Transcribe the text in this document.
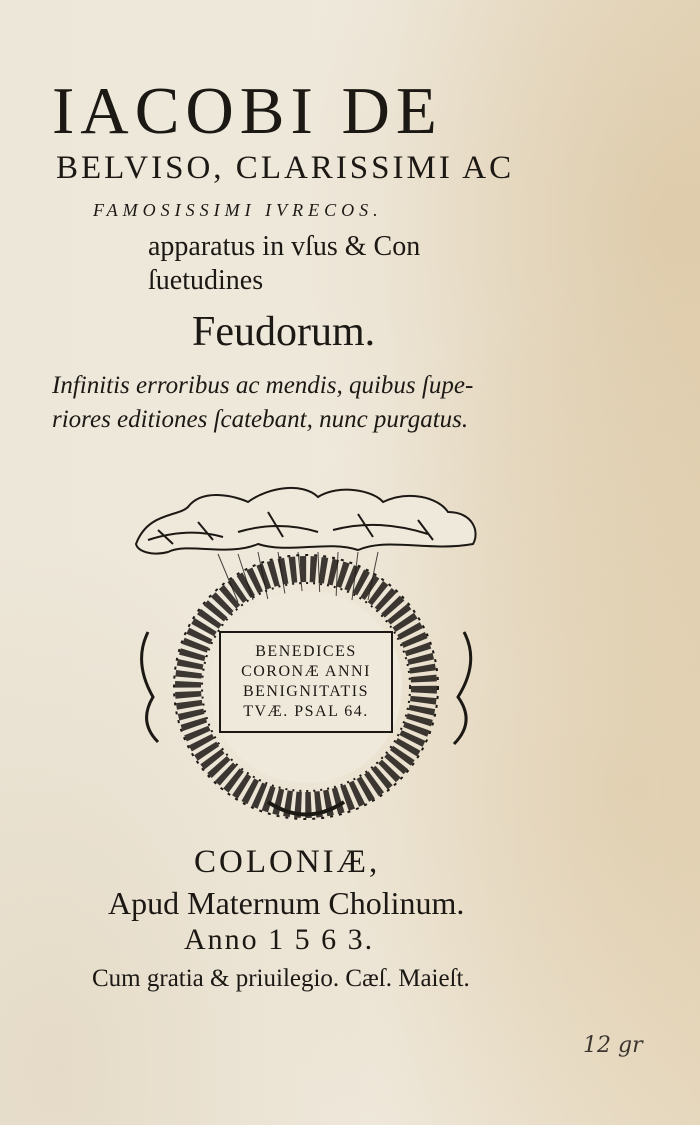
IACOBI DE
BELVISO, CLARISSIMI AC
FAMOSISSIMI IVRECOS.
apparatus in vſus & Con
ſuetudines
Feudorum.
Infinitis erroribus ac mendis, quibus ſupe-
riores editiones ſcatebant, nunc purgatus.
BENEDICES
CORONÆ ANNI
BENIGNITATIS
TVÆ. PSAL 64.
COLONIÆ,
Apud Maternum Cholinum.
Anno 1 5 6 3.
Cum gratia & priuilegio. Cæſ. Maieſt.
12 gr
